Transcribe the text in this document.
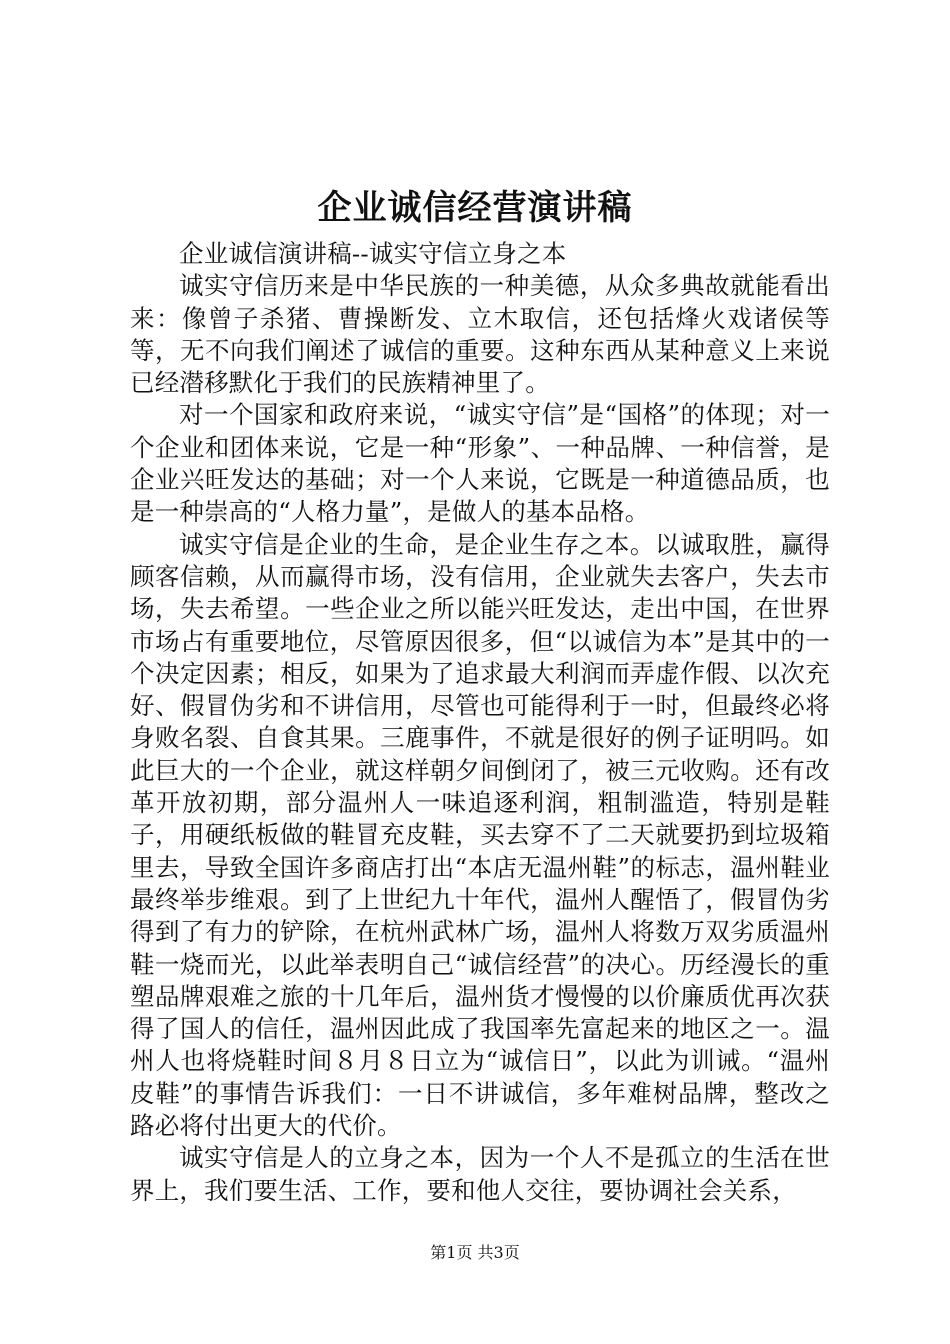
企业诚信经营演讲稿

企业诚信演讲稿--诚实守信立身之本

诚实守信历来是中华民族的一种美德，从众多典故就能看出来：像曾子杀猪、曹操断发、立木取信，还包括烽火戏诸侯等等，无不向我们阐述了诚信的重要。这种东西从某种意义上来说已经潜移默化于我们的民族精神里了。

对一个国家和政府来说，“诚实守信”是“国格”的体现；对一个企业和团体来说，它是一种“形象”、一种品牌、一种信誉，是企业兴旺发达的基础；对一个人来说，它既是一种道德品质，也是一种崇高的“人格力量”，是做人的基本品格。

诚实守信是企业的生命，是企业生存之本。以诚取胜，赢得顾客信赖，从而赢得市场，没有信用，企业就失去客户，失去市场，失去希望。一些企业之所以能兴旺发达，走出中国，在世界市场占有重要地位，尽管原因很多，但“以诚信为本”是其中的一个决定因素；相反，如果为了追求最大利润而弄虚作假、以次充好、假冒伪劣和不讲信用，尽管也可能得利于一时，但最终必将身败名裂、自食其果。三鹿事件，不就是很好的例子证明吗。如此巨大的一个企业，就这样朝夕间倒闭了，被三元收购。还有改革开放初期，部分温州人一味追逐利润，粗制滥造，特别是鞋子，用硬纸板做的鞋冒充皮鞋，买去穿不了二天就要扔到垃圾箱里去，导致全国许多商店打出“本店无温州鞋”的标志，温州鞋业最终举步维艰。到了上世纪九十年代，温州人醒悟了，假冒伪劣得到了有力的铲除，在杭州武林广场，温州人将数万双劣质温州鞋一烧而光，以此举表明自己“诚信经营”的决心。历经漫长的重塑品牌艰难之旅的十几年后，温州货才慢慢的以价廉质优再次获得了国人的信任，温州因此成了我国率先富起来的地区之一。温州人也将烧鞋时间８月８日立为“诚信日”，以此为训诫。“温州皮鞋”的事情告诉我们：一日不讲诚信，多年难树品牌，整改之路必将付出更大的代价。

诚实守信是人的立身之本，因为一个人不是孤立的生活在世界上，我们要生活、工作，要和他人交往，要协调社会关系，

第1页 共3页
